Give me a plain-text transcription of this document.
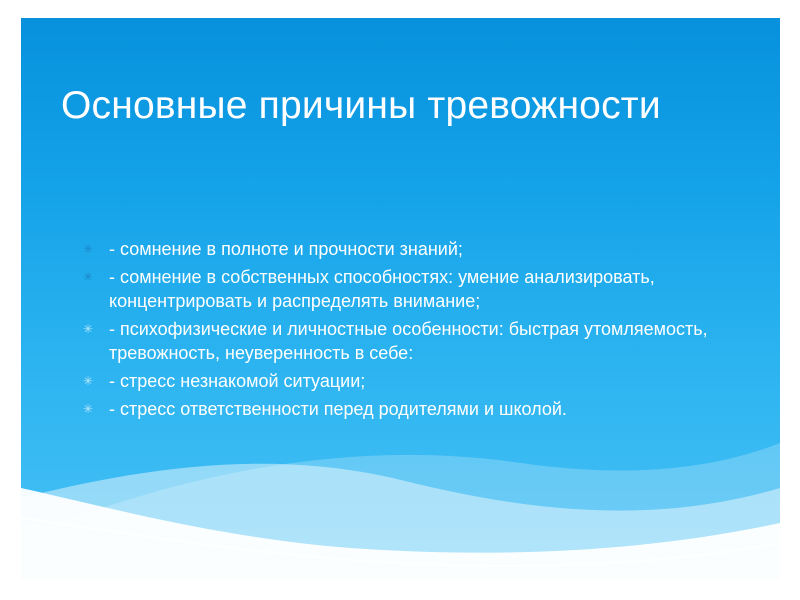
Основные причины тревожности
✳ - сомнение в полноте и прочности знаний;
✳ - сомнение в собственных способностях: умение анализировать, концентрировать и распределять внимание;
✳ - психофизические и личностные особенности: быстрая утомляемость, тревожность, неуверенность в себе:
✳ - стресс незнакомой ситуации;
✳ - стресс ответственности перед родителями и школой.
